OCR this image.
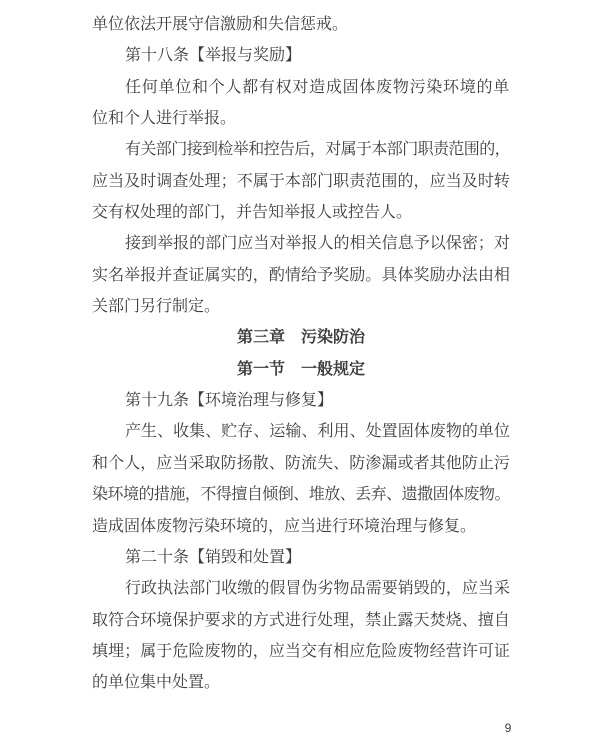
单位依法开展守信激励和失信惩戒。
第十八条【举报与奖励】
任何单位和个人都有权对造成固体废物污染环境的单
位和个人进行举报。
有关部门接到检举和控告后，对属于本部门职责范围的，
应当及时调查处理；不属于本部门职责范围的，应当及时转
交有权处理的部门，并告知举报人或控告人。
接到举报的部门应当对举报人的相关信息予以保密；对
实名举报并查证属实的，酌情给予奖励。具体奖励办法由相
关部门另行制定。
第三章　污染防治
第一节　一般规定
第十九条【环境治理与修复】
产生、收集、贮存、运输、利用、处置固体废物的单位
和个人，应当采取防扬散、防流失、防渗漏或者其他防止污
染环境的措施，不得擅自倾倒、堆放、丢弃、遗撒固体废物。
造成固体废物污染环境的，应当进行环境治理与修复。
第二十条【销毁和处置】
行政执法部门收缴的假冒伪劣物品需要销毁的，应当采
取符合环境保护要求的方式进行处理，禁止露天焚烧、擅自
填埋；属于危险废物的，应当交有相应危险废物经营许可证
的单位集中处置。
9
